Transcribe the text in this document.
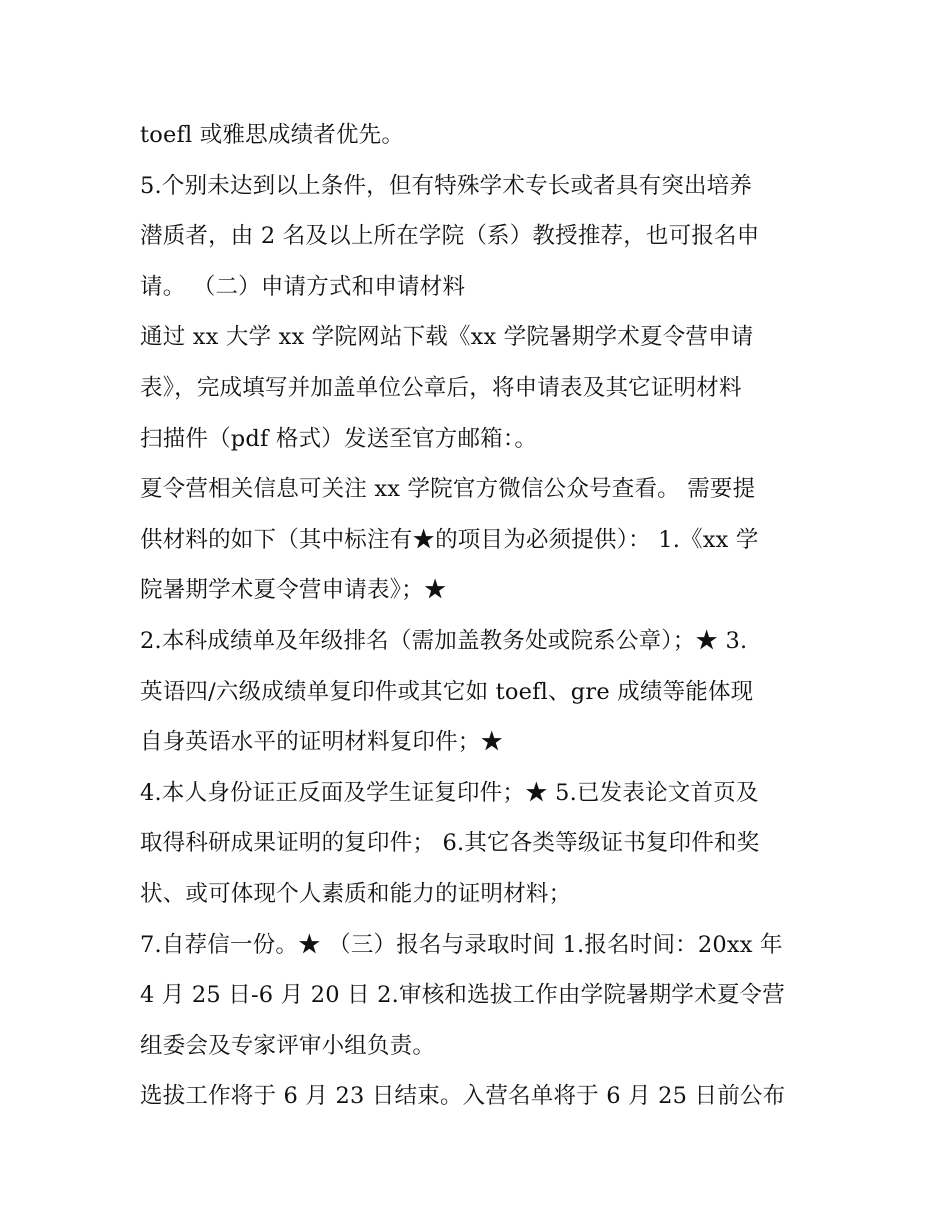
toefl 或雅思成绩者优先。
5.个别未达到以上条件，但有特殊学术专长或者具有突出培养
潜质者，由 2 名及以上所在学院（系）教授推荐，也可报名申
请。 （二）申请方式和申请材料
通过 xx 大学 xx 学院网站下载《xx 学院暑期学术夏令营申请
表》，完成填写并加盖单位公章后，将申请表及其它证明材料
扫描件（pdf 格式）发送至官方邮箱：。
夏令营相关信息可关注 xx 学院官方微信公众号查看。 需要提
供材料的如下（其中标注有★的项目为必须提供）： 1.《xx 学
院暑期学术夏令营申请表》；★
2.本科成绩单及年级排名（需加盖教务处或院系公章）；★ 3.
英语四/六级成绩单复印件或其它如 toefl、gre 成绩等能体现
自身英语水平的证明材料复印件；★
4.本人身份证正反面及学生证复印件；★ 5.已发表论文首页及
取得科研成果证明的复印件； 6.其它各类等级证书复印件和奖
状、或可体现个人素质和能力的证明材料；
7.自荐信一份。★ （三）报名与录取时间 1.报名时间：20xx 年
4 月 25 日-6 月 20 日 2.审核和选拔工作由学院暑期学术夏令营
组委会及专家评审小组负责。
选拔工作将于 6 月 23 日结束。入营名单将于 6 月 25 日前公布
